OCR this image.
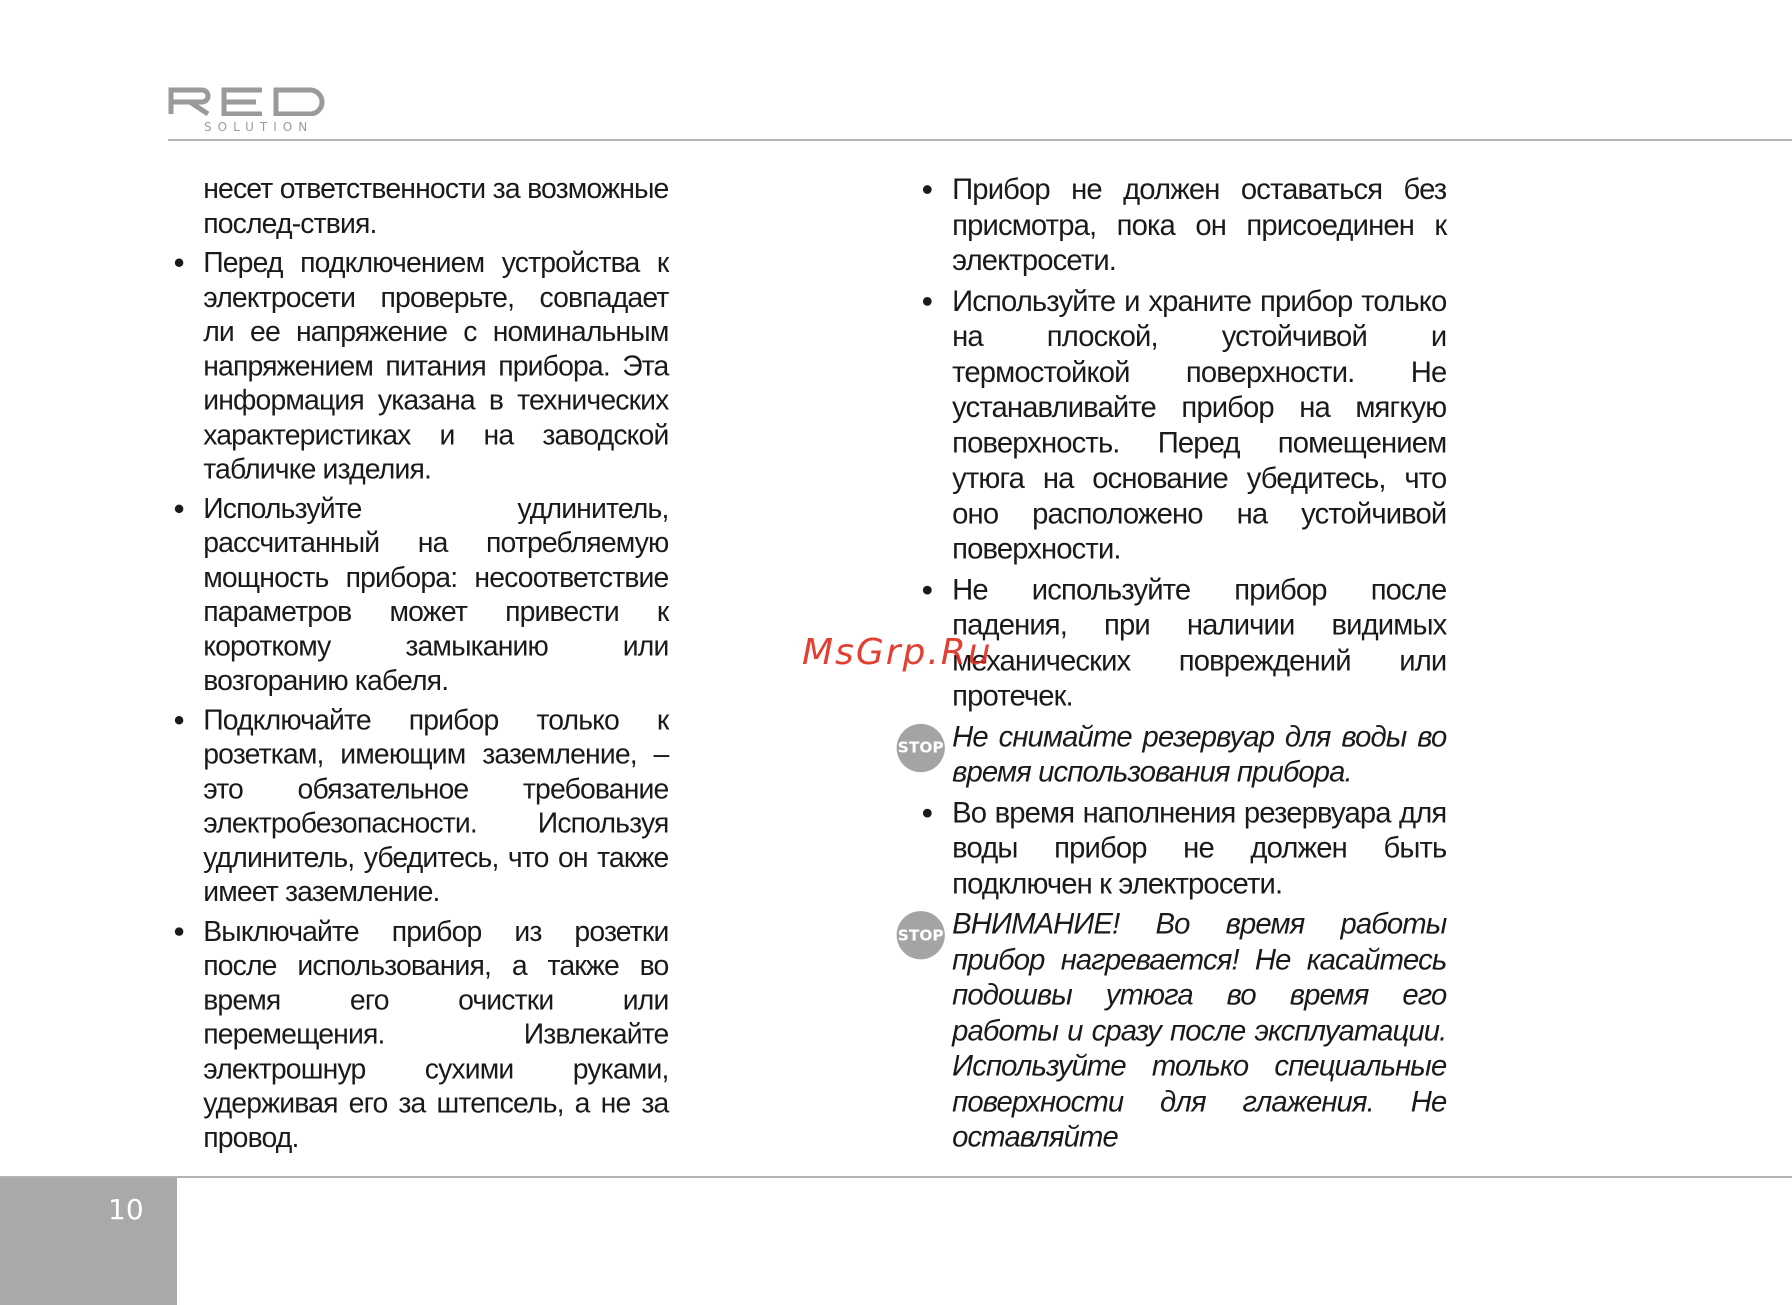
SOLUTION
несет ответственности за возможные послед-ствия.
Перед подключением устройства к электросети проверьте, совпадает ли ее напряжение с номинальным напряжением питания прибора. Эта информация указана в технических характеристиках и на заводской табличке изделия.
Используйте удлинитель, рассчитанный на потребляемую мощность прибора: несоответствие параметров может привести к короткому замыканию или возгоранию кабеля.
Подключайте прибор только к розеткам, имеющим заземление, – это обязательное требование электробезопасности. Используя удлинитель, убедитесь, что он также имеет заземление.
Выключайте прибор из розетки после использования, а также во время его очистки или перемещения. Извлекайте электрошнур сухими руками, удерживая его за штепсель, а не за провод.
Прибор не должен оставаться без присмотра, пока он присоединен к электросети.
Используйте и храните прибор только на плоской, устойчивой и термостойкой поверхности. Не устанавливайте прибор на мягкую поверхность. Перед помещением утюга на основание убедитесь, что оно расположено на устойчивой поверхности.
Не используйте прибор после падения, при наличии видимых механических повреждений или протечек.
STOP Не снимайте резервуар для воды во время использования прибора.
Во время наполнения резервуара для воды прибор не должен быть подключен к электросети.
STOP ВНИМАНИЕ! Во время работы прибор нагревается! Не касайтесь подошвы утюга во время его работы и сразу после эксплуатации. Используйте только специальные поверхности для глажения. Не оставляйте
MsGrp.Ru
10
